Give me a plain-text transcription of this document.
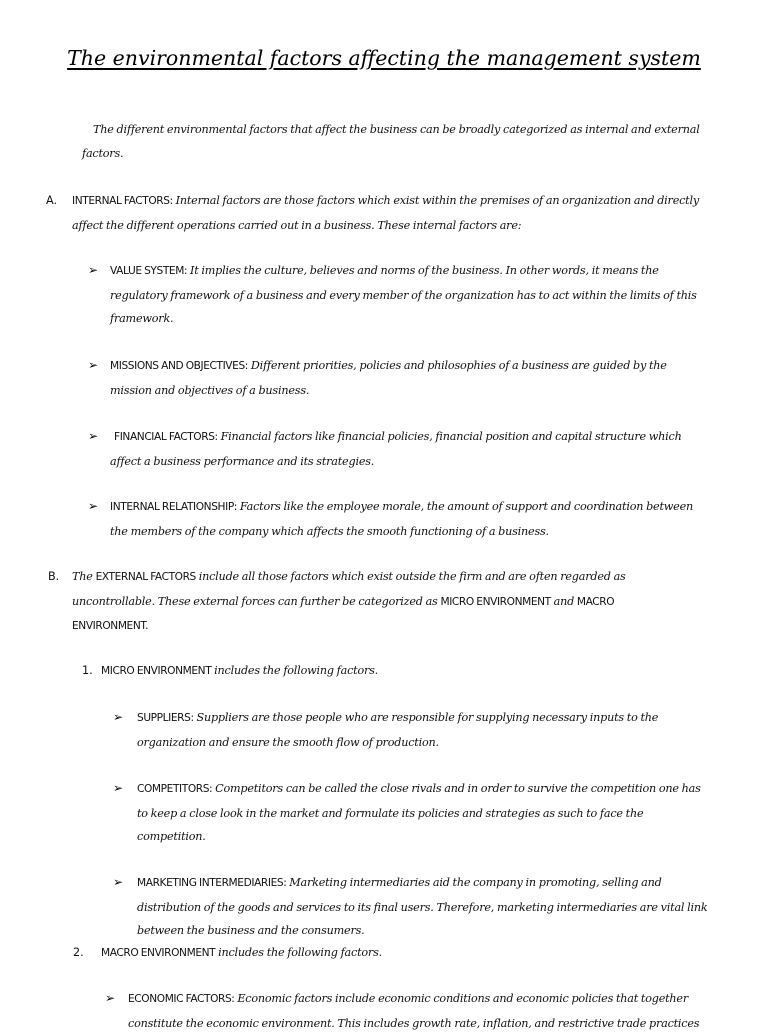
The environmental factors affecting the management system

The different environmental factors that affect the business can be broadly categorized as internal and external factors.

A. INTERNAL FACTORS: Internal factors are those factors which exist within the premises of an organization and directly affect the different operations carried out in a business. These internal factors are:

➢ VALUE SYSTEM: It implies the culture, believes and norms of the business. In other words, it means the regulatory framework of a business and every member of the organization has to act within the limits of this framework.

➢ MISSIONS AND OBJECTIVES: Different priorities, policies and philosophies of a business are guided by the mission and objectives of a business.

➢	FINANCIAL FACTORS: Financial factors like financial policies, financial position and capital structure which affect a business performance and its strategies.

➢ INTERNAL RELATIONSHIP: Factors like the employee morale, the amount of support and coordination between the members of the company which affects the smooth functioning of a business.

B. The EXTERNAL FACTORS include all those factors which exist outside the firm and are often regarded as uncontrollable. These external forces can further be categorized as MICRO ENVIRONMENT and MACRO ENVIRONMENT.

1. MICRO ENVIRONMENT includes the following factors.

➢ SUPPLIERS: Suppliers are those people who are responsible for supplying necessary inputs to the organization and ensure the smooth flow of production.

➢ COMPETITORS: Competitors can be called the close rivals and in order to survive the competition one has to keep a close look in the market and formulate its policies and strategies as such to face the competition.

➢ MARKETING INTERMEDIARIES: Marketing intermediaries aid the company in promoting, selling and distribution of the goods and services to its final users. Therefore, marketing intermediaries are vital link between the business and the consumers.

2. MACRO ENVIRONMENT includes the following factors.

➢ ECONOMIC FACTORS: Economic factors include economic conditions and economic policies that together constitute the economic environment. This includes growth rate, inflation, and restrictive trade practices
